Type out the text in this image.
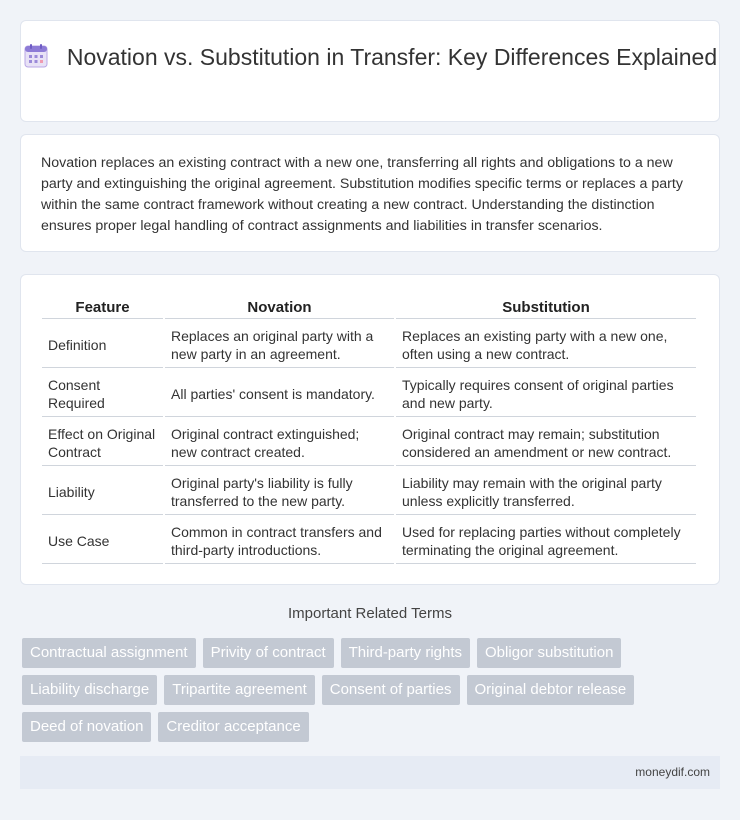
Novation vs. Substitution in Transfer: Key Differences Explained

Novation replaces an existing contract with a new one, transferring all rights and obligations to a new party and extinguishing the original agreement. Substitution modifies specific terms or replaces a party within the same contract framework without creating a new contract. Understanding the distinction ensures proper legal handling of contract assignments and liabilities in transfer scenarios.

Feature	Novation	Substitution
Definition	Replaces an original party with a new party in an agreement.	Replaces an existing party with a new one, often using a new contract.
Consent Required	All parties' consent is mandatory.	Typically requires consent of original parties and new party.
Effect on Original Contract	Original contract extinguished; new contract created.	Original contract may remain; substitution considered an amendment or new contract.
Liability	Original party's liability is fully transferred to the new party.	Liability may remain with the original party unless explicitly transferred.
Use Case	Common in contract transfers and third-party introductions.	Used for replacing parties without completely terminating the original agreement.
Important Related Terms
Contractual assignment	Privity of contract	Third-party rights	Obligor substitution
Liability discharge	Tripartite agreement	Consent of parties	Original debtor release
Deed of novation	Creditor acceptance
moneydif.com
